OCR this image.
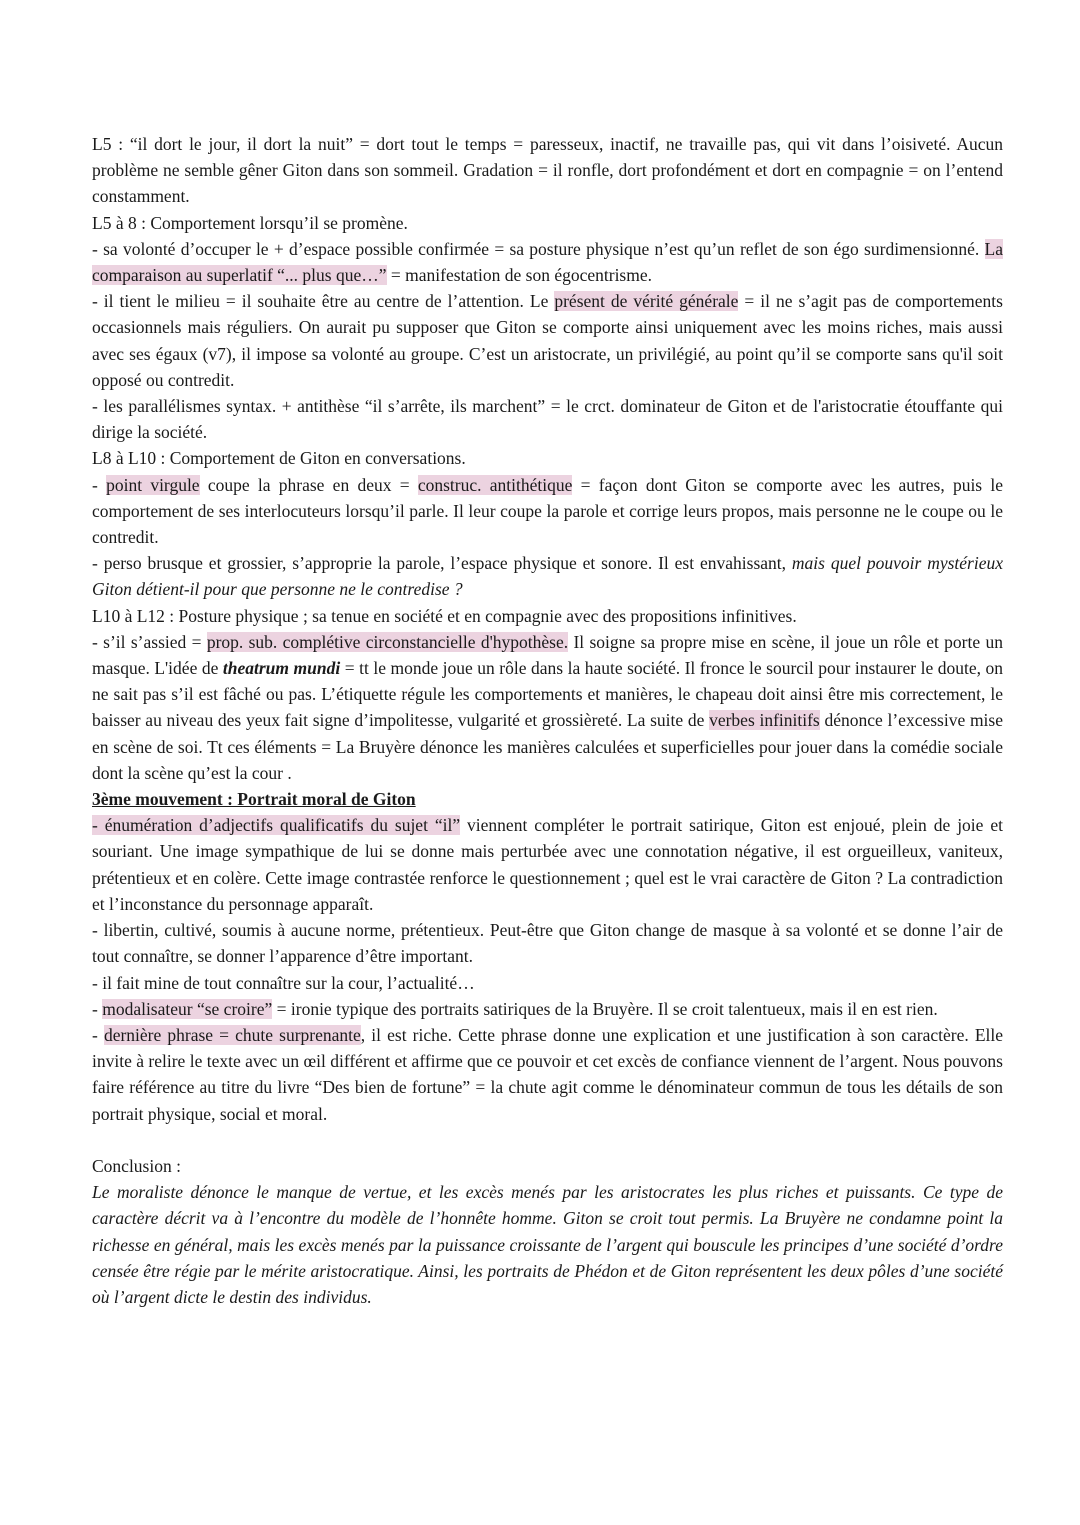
L5 : “il dort le jour, il dort la nuit” = dort tout le temps = paresseux, inactif, ne travaille pas, qui vit dans l’oisiveté. Aucun problème ne semble gêner Giton dans son sommeil. Gradation = il ronfle, dort profondément et dort en compagnie = on l’entend constamment.

L5 à 8 : Comportement lorsqu’il se promène.

- sa volonté d’occuper le + d’espace possible confirmée = sa posture physique n’est qu’un reflet de son égo surdimensionné. La comparaison au superlatif “... plus que…” = manifestation de son égocentrisme.

- il tient le milieu = il souhaite être au centre de l’attention. Le présent de vérité générale = il ne s’agit pas de comportements occasionnels mais réguliers. On aurait pu supposer que Giton se comporte ainsi uniquement avec les moins riches, mais aussi avec ses égaux (v7), il impose sa volonté au groupe. C’est un aristocrate, un privilégié, au point qu’il se comporte sans qu'il soit opposé ou contredit.

- les parallélismes syntax. + antithèse “il s’arrête, ils marchent” = le crct. dominateur de Giton et de l'aristocratie étouffante qui dirige la société.

L8 à L10 : Comportement de Giton en conversations.

- point virgule coupe la phrase en deux = construc. antithétique = façon dont Giton se comporte avec les autres, puis le comportement de ses interlocuteurs lorsqu’il parle. Il leur coupe la parole et corrige leurs propos, mais personne ne le coupe ou le contredit.

- perso brusque et grossier, s’approprie la parole, l’espace physique et sonore. Il est envahissant, mais quel pouvoir mystérieux Giton détient-il pour que personne ne le contredise ?

L10 à L12 : Posture physique ; sa tenue en société et en compagnie avec des propositions infinitives.

- s’il s’assied = prop. sub. complétive circonstancielle d'hypothèse. Il soigne sa propre mise en scène, il joue un rôle et porte un masque. L'idée de theatrum mundi = tt le monde joue un rôle dans la haute société. Il fronce le sourcil pour instaurer le doute, on ne sait pas s’il est fâché ou pas. L’étiquette régule les comportements et manières, le chapeau doit ainsi être mis correctement, le baisser au niveau des yeux fait signe d’impolitesse, vulgarité et grossièreté. La suite de verbes infinitifs dénonce l’excessive mise en scène de soi. Tt ces éléments = La Bruyère dénonce les manières calculées et superficielles pour jouer dans la comédie sociale dont la scène qu’est la cour .

3ème mouvement : Portrait moral de Giton

- énumération d’adjectifs qualificatifs du sujet “il” viennent compléter le portrait satirique, Giton est enjoué, plein de joie et souriant. Une image sympathique de lui se donne mais perturbée avec une connotation négative, il est orgueilleux, vaniteux, prétentieux et en colère. Cette image contrastée renforce le questionnement ; quel est le vrai caractère de Giton ? La contradiction et l’inconstance du personnage apparaît.

- libertin, cultivé, soumis à aucune norme, prétentieux. Peut-être que Giton change de masque à sa volonté et se donne l’air de tout connaître, se donner l’apparence d’être important.

- il fait mine de tout connaître sur la cour, l’actualité…

- modalisateur “se croire” = ironie typique des portraits satiriques de la Bruyère. Il se croit talentueux, mais il en est rien.

- dernière phrase = chute surprenante, il est riche. Cette phrase donne une explication et une justification à son caractère. Elle invite à relire le texte avec un œil différent et affirme que ce pouvoir et cet excès de confiance viennent de l’argent. Nous pouvons faire référence au titre du livre “Des bien de fortune” = la chute agit comme le dénominateur commun de tous les détails de son portrait physique, social et moral.

Conclusion :

Le moraliste dénonce le manque de vertue, et les excès menés par les aristocrates les plus riches et puissants. Ce type de caractère décrit va à l’encontre du modèle de l’honnête homme. Giton se croit tout permis. La Bruyère ne condamne point la richesse en général, mais les excès menés par la puissance croissante de l’argent qui bouscule les principes d’une société d’ordre censée être régie par le mérite aristocratique. Ainsi, les portraits de Phédon et de Giton représentent les deux pôles d’une société où l’argent dicte le destin des individus.
